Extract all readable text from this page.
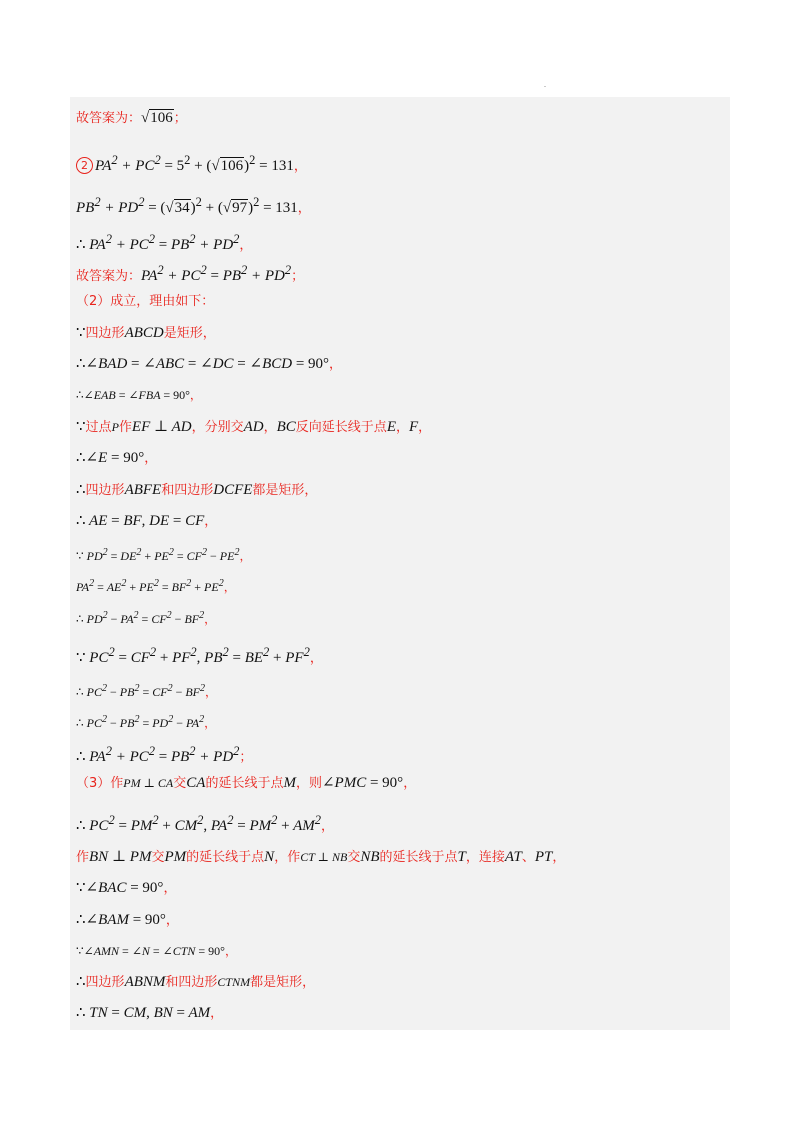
.
故答案为：√106；
2 $PA^2 + PC^2 = 5^2 + (√106)^2 = 131$，
$PB^2 + PD^2 = (√34)^2 + (√97)^2 = 131$，
∴ $PA^2 + PC^2 = PB^2 + PD^2$，
故答案为：$PA^2 + PC^2 = PB^2 + PD^2$；
（2）成立，理由如下：
∵四边形ABCD是矩形，
∴∠BAD = ∠ABC = ∠DC = ∠BCD = 90°，
∴∠EAB = ∠FBA = 90°，
∵过点P作EF ⊥ AD，分别交AD，BC反向延长线于点E，F，
∴∠E = 90°，
∴四边形ABFE和四边形DCFE都是矩形，
∴ AE = BF, DE = CF，
∵ $PD^2 = DE^2 + PE^2 = CF^2 - PE^2$，
$PA^2 = AE^2 + PE^2 = BF^2 + PE^2$，
∴ $PD^2 - PA^2 = CF^2 - BF^2$，
∵ $PC^2 = CF^2 + PF^2$, $PB^2 = BE^2 + PF^2$，
∴ $PC^2 - PB^2 = CF^2 - BF^2$，
∴ $PC^2 - PB^2 = PD^2 - PA^2$，
∴ $PA^2 + PC^2 = PB^2 + PD^2$；
（3）作PM ⊥ CA交CA的延长线于点M，则∠PMC = 90°，
∴ $PC^2 = PM^2 + CM^2$, $PA^2 = PM^2 + AM^2$，
作BN ⊥ PM交PM的延长线于点N，作CT ⊥ NB交NB的延长线于点T，连接AT、PT，
∵∠BAC = 90°，
∴∠BAM = 90°，
∵∠AMN = ∠N = ∠CTN = 90°，
∴四边形ABNM和四边形CTNM都是矩形，
∴ TN = CM, BN = AM，
